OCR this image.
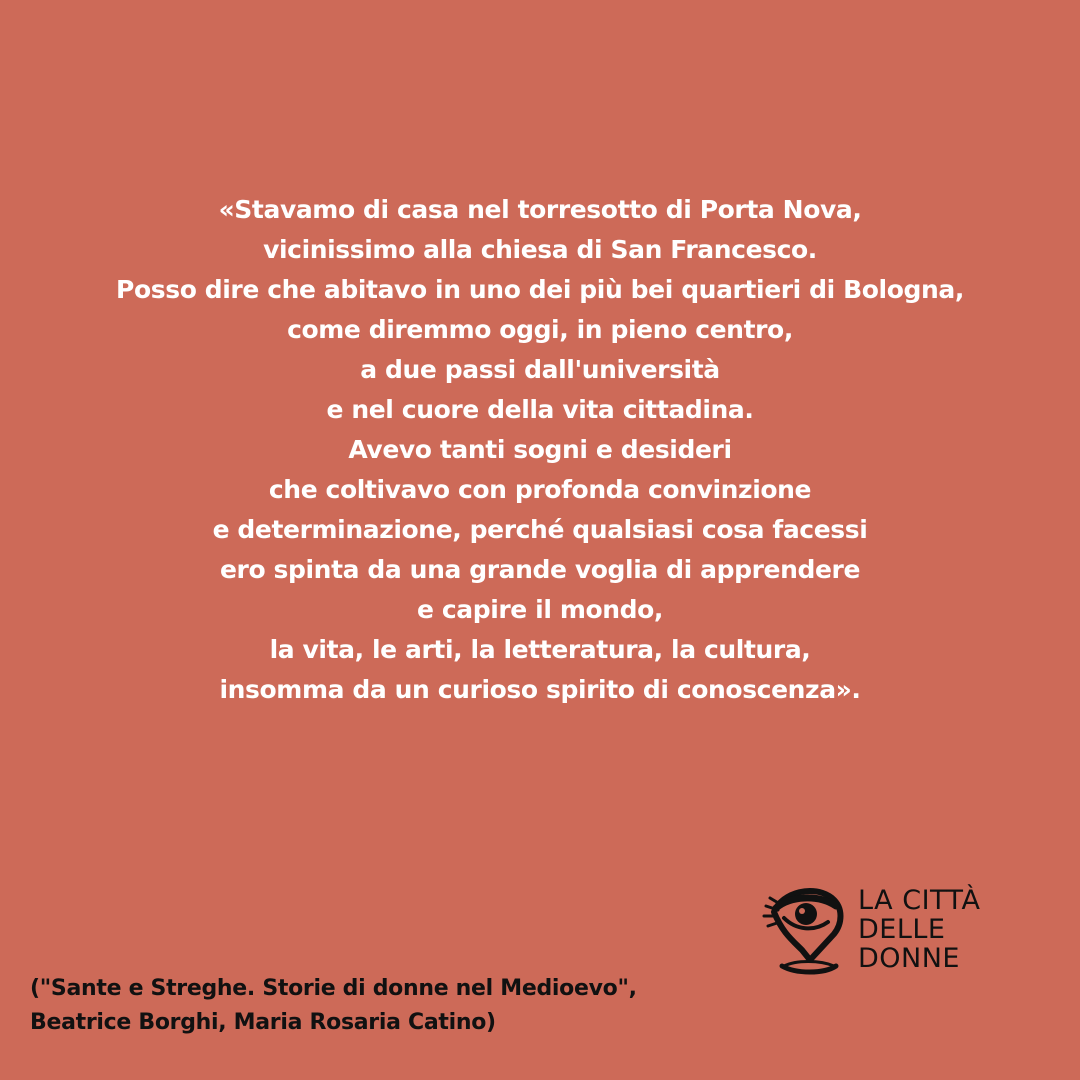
«Stavamo di casa nel torresotto di Porta Nova,
vicinissimo alla chiesa di San Francesco.
Posso dire che abitavo in uno dei più bei quartieri di Bologna,
come diremmo oggi, in pieno centro,
a due passi dall'università
e nel cuore della vita cittadina.
Avevo tanti sogni e desideri
che coltivavo con profonda convinzione
e determinazione, perché qualsiasi cosa facessi
ero spinta da una grande voglia di apprendere
e capire il mondo,
la vita, le arti, la letteratura, la cultura,
insomma da un curioso spirito di conoscenza».
("Sante e Streghe. Storie di donne nel Medioevo",
Beatrice Borghi, Maria Rosaria Catino)
LA CITTÀ
DELLE
DONNE
